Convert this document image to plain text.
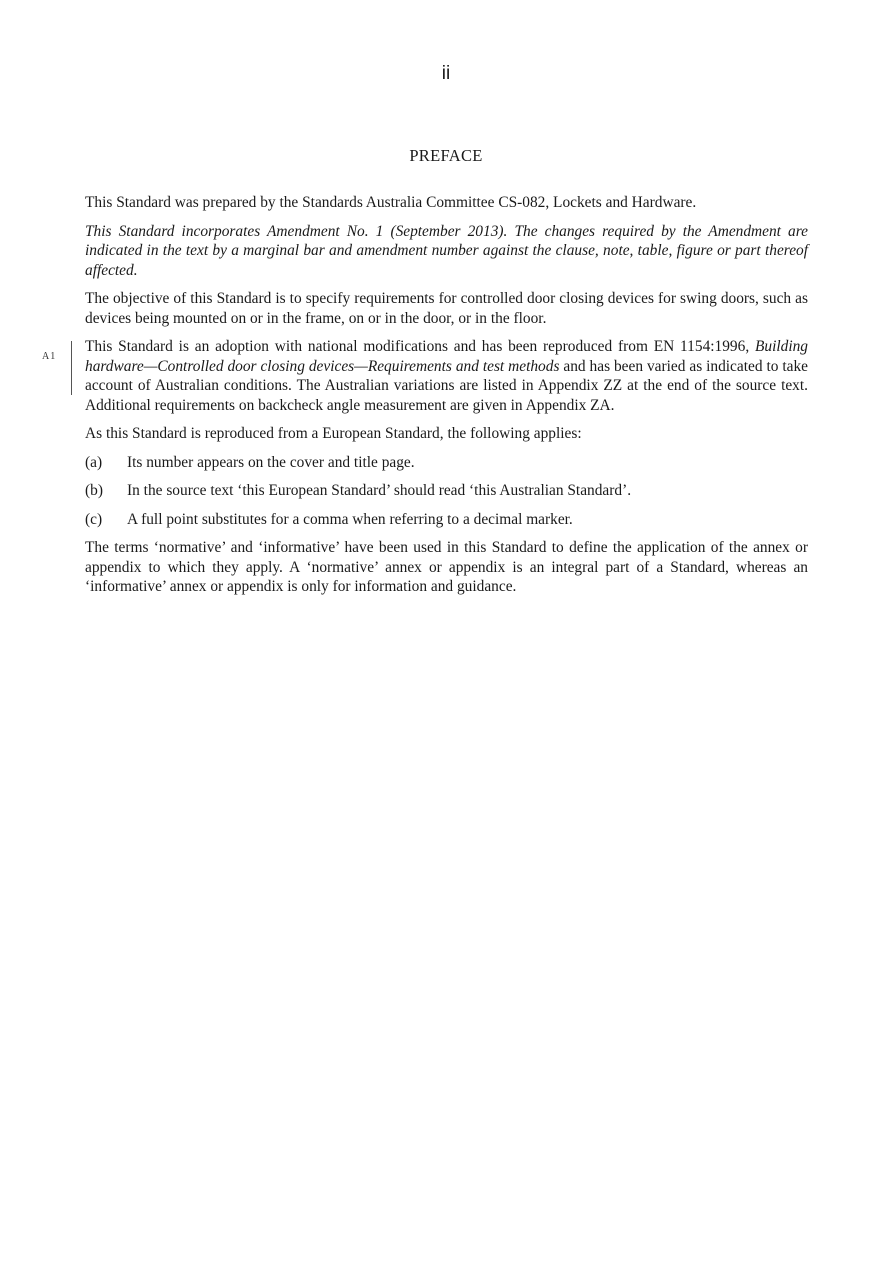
ii
PREFACE

This Standard was prepared by the Standards Australia Committee CS-082, Lockets and Hardware.

This Standard incorporates Amendment No. 1 (September 2013). The changes required by the Amendment are indicated in the text by a marginal bar and amendment number against the clause, note, table, figure or part thereof affected.

The objective of this Standard is to specify requirements for controlled door closing devices for swing doors, such as devices being mounted on or in the frame, on or in the door, or in the floor.

A1
This Standard is an adoption with national modifications and has been reproduced from EN 1154:1996, Building hardware—Controlled door closing devices—Requirements and test methods and has been varied as indicated to take account of Australian conditions. The Australian variations are listed in Appendix ZZ at the end of the source text. Additional requirements on backcheck angle measurement are given in Appendix ZA.

As this Standard is reproduced from a European Standard, the following applies:

(a)	Its number appears on the cover and title page.
(b)	In the source text ‘this European Standard’ should read ‘this Australian Standard’.
(c)	A full point substitutes for a comma when referring to a decimal marker.

The terms ‘normative’ and ‘informative’ have been used in this Standard to define the application of the annex or appendix to which they apply. A ‘normative’ annex or appendix is an integral part of a Standard, whereas an ‘informative’ annex or appendix is only for information and guidance.
